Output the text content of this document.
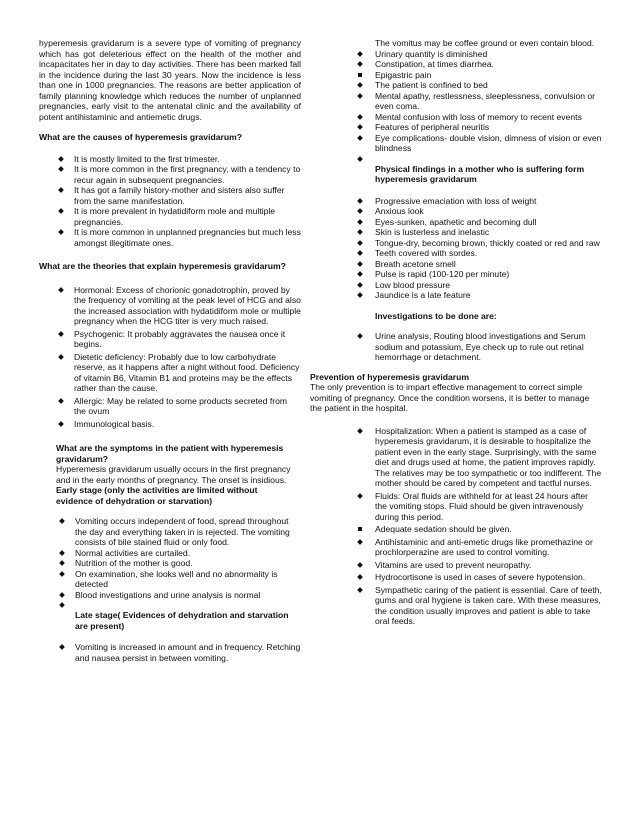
hyperemesis gravidarum is a severe type of vomiting of pregnancy which has got deleterious effect on the health of the mother and incapacitates her in day to day activities. There has been marked fall in the incidence during the last 30 years. Now the incidence is less than one in 1000 pregnancies. The reasons are better application of family planning knowledge which reduces the number of unplanned pregnancies, early visit to the antenatal clinic and the availability of potent antihistaminic and antiemetic drugs.

What are the causes of hyperemesis gravidarum?

It is mostly limited to the first trimester.
It is more common in the first pregnancy, with a tendency to recur again in subsequent pregnancies.
It has got a family history-mother and sisters also suffer from the same manifestation.
It is more prevalent in hydatidiform mole and multiple pregnancies.
It is more common in unplanned pregnancies but much less amongst illegitimate ones.

What are the theories that explain hyperemesis gravidarum?

Hormonal: Excess of chorionic gonadotrophin, proved by the frequency of vomiting at the peak level of HCG and also the increased association with hydatidiform mole or multiple pregnancy when the HCG titer is very much raised.
Psychogenic: It probably aggravates the nausea once it begins.
Dietetic deficiency: Probably due to low carbohydrate reserve, as it happens after a night without food. Deficiency of vitamin B6, Vitamin B1 and proteins may be the effects rather than the cause.
Allergic: May be related to some products secreted from the ovum
Immunological basis.

What are the symptoms in the patient with hyperemesis gravidarum?

Hyperemesis gravidarum usually occurs in the first pregnancy and in the early months of pregnancy. The onset is insidious.

Early stage (only the activities are limited without evidence of dehydration or starvation)

Vomiting occurs independent of food, spread throughout the day and everything taken in is rejected. The vomiting consists of bile stained fluid or only food.
Normal activities are curtailed.
Nutrition of the mother is good.
On examination, she looks well and no abnormality is detected
Blood investigations and urine analysis is normal

Late stage( Evidences of dehydration and starvation are present)

Vomiting is increased in amount and in frequency. Retching and nausea persist in between vomiting.

The vomitus may be coffee ground or even contain blood.

Urinary quantity is diminished
Constipation, at times diarrhea.
Epigastric pain
The patient is confined to bed
Mental apathy, restlessness, sleeplessness, convulsion or even coma.
Mental confusion with loss of memory to recent events
Features of peripheral neuritis
Eye complications- double vision, dimness of vision or even blindness

Physical findings in a mother who is suffering form hyperemesis gravidarum

Progressive emaciation with loss of weight
Anxious look
Eyes-sunken, apathetic and becoming dull
Skin is lusterless and inelastic
Tongue-dry, becoming brown, thickly coated or red and raw
Teeth covered with sordes.
Breath acetone smell
Pulse is rapid (100-120 per minute)
Low blood pressure
Jaundice is a late feature

Investigations to be done are:

Urine analysis, Routing blood investigations and Serum sodium and potassium, Eye check up to rule out retinal hemorrhage or detachment.

Prevention of hyperemesis gravidarum

The only prevention is to impart effective management to correct simple vomiting of pregnancy. Once the condition worsens, it is better to manage the patient in the hospital.

Hospitalization: When a patient is stamped as a case of hyperemesis gravidarum, it is desirable to hospitalize the patient even in the early stage. Surprisingly, with the same diet and drugs used at home, the patient improves rapidly. The relatives may be too sympathetic or too indifferent. The mother should be cared by competent and tactful nurses.
Fluids: Oral fluids are withheld for at least 24 hours after the vomiting stops. Fluid should be given intravenously during this period.
Adequate sedation should be given.
Antihistaminic and anti-emetic drugs like promethazine or prochlorperazine are used to control vomiting.
Vitamins are used to prevent neuropathy.
Hydrocortisone is used in cases of severe hypotension.
Sympathetic caring of the patient is essential. Care of teeth, gums and oral hygiene is taken care. With these measures, the condition usually improves and patient is able to take oral feeds.
